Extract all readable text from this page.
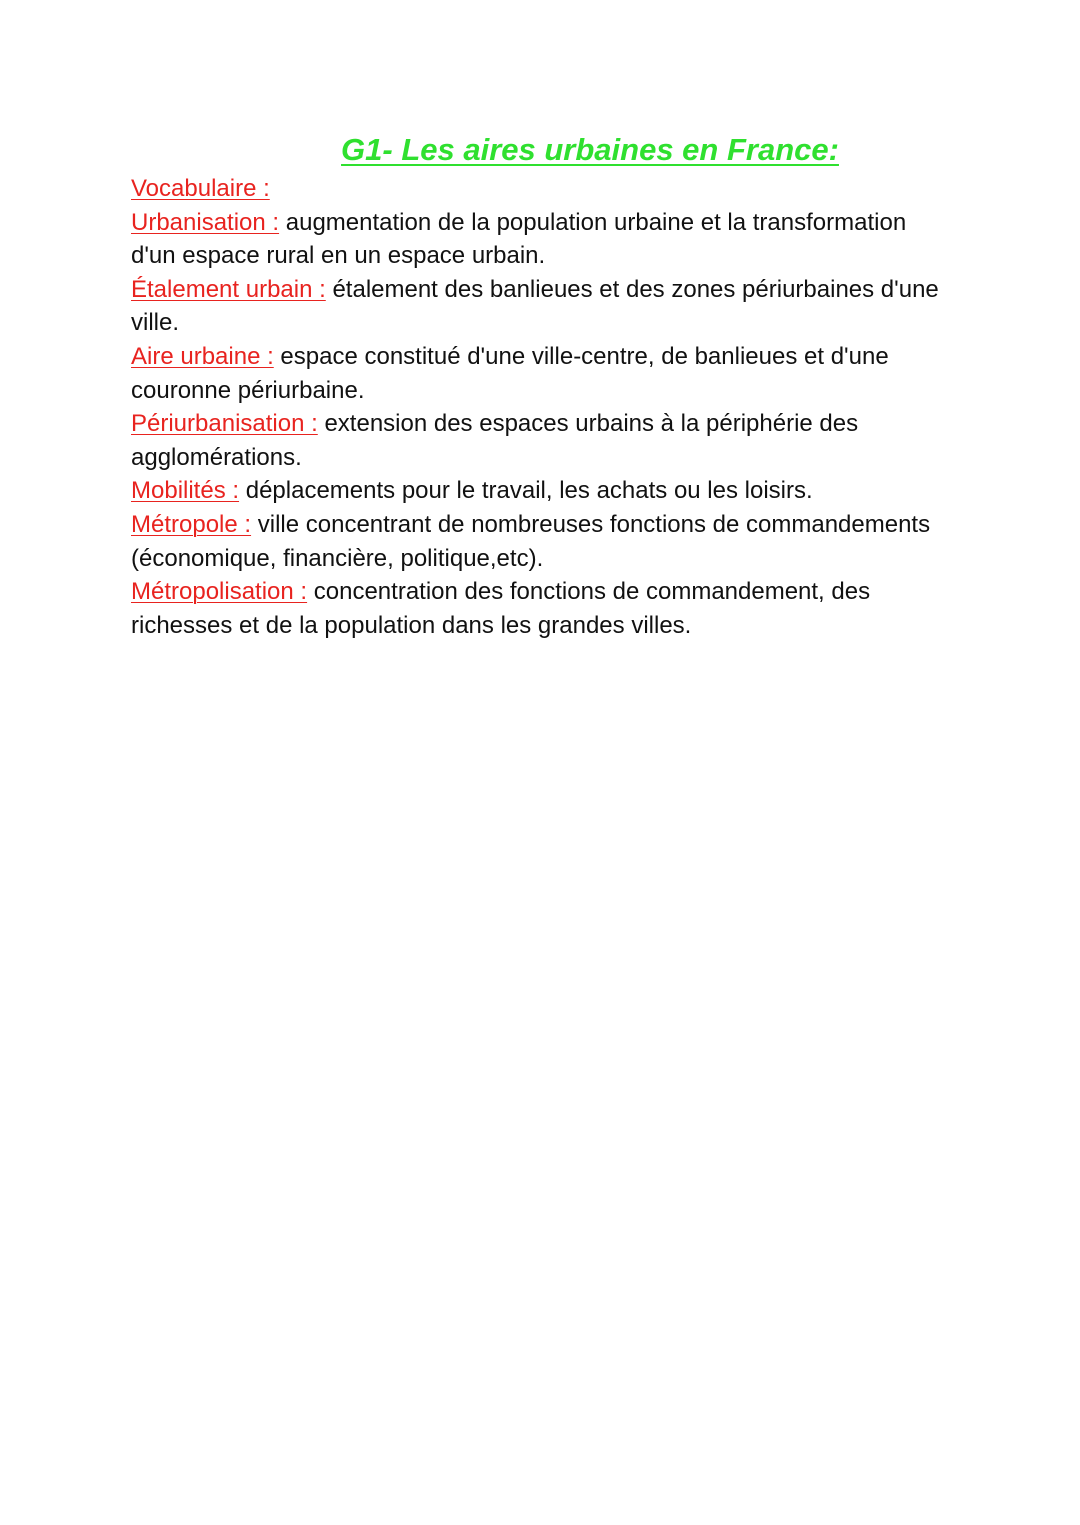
G1- Les aires urbaines en France:
Vocabulaire :

Urbanisation : augmentation de la population urbaine et la transformation d'un espace rural en un espace urbain.

Étalement urbain : étalement des banlieues et des zones périurbaines d'une ville.

Aire urbaine : espace constitué d'une ville-centre, de banlieues et d'une couronne périurbaine.

Périurbanisation : extension des espaces urbains à la périphérie des agglomérations.

Mobilités : déplacements pour le travail, les achats ou les loisirs.

Métropole : ville concentrant de nombreuses fonctions de commandements (économique, financière, politique,etc).

Métropolisation : concentration des fonctions de commandement, des richesses et de la population dans les grandes villes.
